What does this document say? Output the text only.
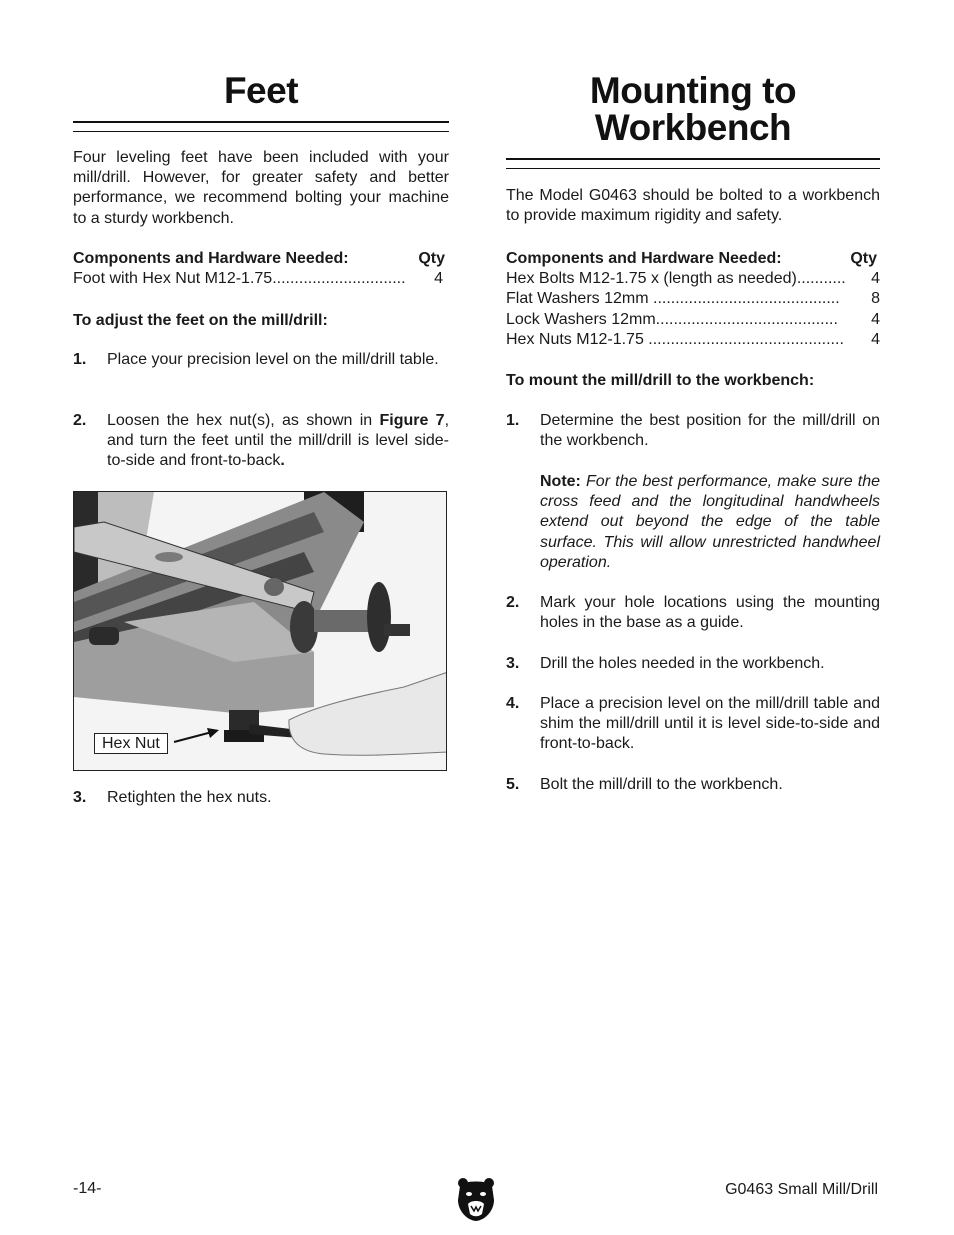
Feet
Four leveling feet have been included with your mill/drill. However, for greater safety and better performance, we recommend bolting your machine to a sturdy workbench.
Components and Hardware Needed:	Qty
Foot with Hex Nut M12-1.75.............................. 4
To adjust the feet on the mill/drill:
1. Place your precision level on the mill/drill table.
2. Loosen the hex nut(s), as shown in Figure 7, and turn the feet until the mill/drill is level side-to-side and front-to-back.
Hex Nut
3. Retighten the hex nuts.
Mounting to
Workbench
The Model G0463 should be bolted to a workbench to provide maximum rigidity and safety.
Components and Hardware Needed:	Qty
Hex Bolts M12-1.75 x (length as needed)........... 4
Flat Washers 12mm .......................................... 8
Lock Washers 12mm......................................... 4
Hex Nuts M12-1.75 ............................................ 4
To mount the mill/drill to the workbench:
1. Determine the best position for the mill/drill on the workbench.
Note: For the best performance, make sure the cross feed and the longitudinal handwheels extend out beyond the edge of the table surface. This will allow unrestricted handwheel operation.
2. Mark your hole locations using the mounting holes in the base as a guide.
3. Drill the holes needed in the workbench.
4. Place a precision level on the mill/drill table and shim the mill/drill until it is level side-to-side and front-to-back.
5. Bolt the mill/drill to the workbench.
-14-	G0463 Small Mill/Drill
